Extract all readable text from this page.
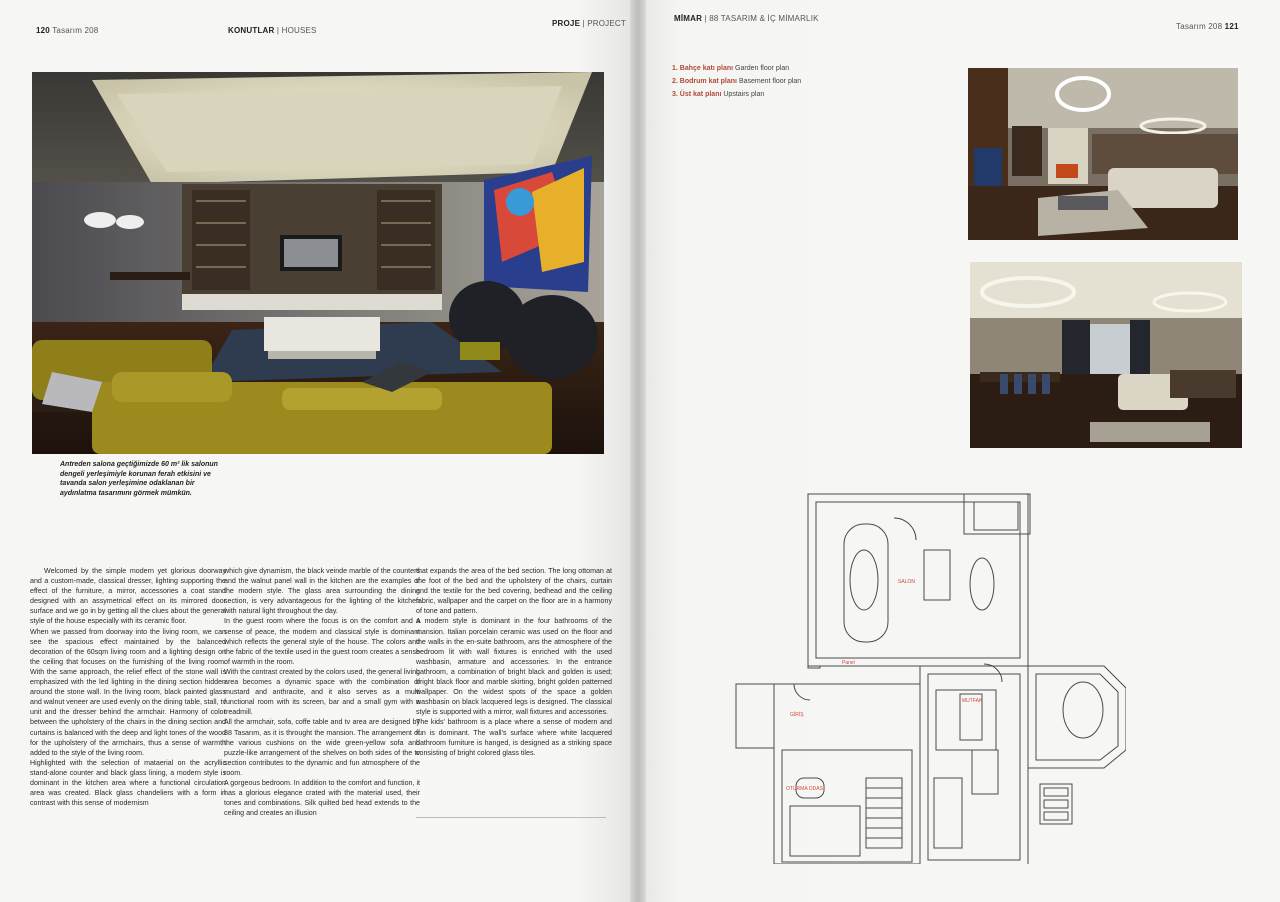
120 Tasarım 208	KONUTLAR | HOUSES
PROJE | PROJECT
MİMAR | 88 TASARIM & İÇ MİMARLIK
Tasarım 208 121
Antreden salona geçtiğimizde 60 m² lik salonun dengeli yerleşimiyle korunan ferah etkisini ve tavanda salon yerleşimine odaklanan bir aydınlatma tasarımını görmek mümkün.

Welcomed by the simple modern yet glorious doorway and a custom-made, classical dresser, lighting supporting the effect of the furniture, a mirror, accessories a coat stand designed with an assymetrical effect on its mirrored door surface and we go in by getting all the clues about the general style of the house especially with its ceramic floor.

When we passed from doorway into the living room, we can see the spacious effect maintained by the balanced decoration of the 60sqm living room and a lighting design on the ceiling that focuses on the furnishing of the living room. With the same approach, the relief effect of the stone wall is emphasized with the led lighting in the dining section hidden around the stone wall. In the living room, black painted glass and walnut veneer are used evenly on the dining table, stall, tv unit and the dresser behind the armchair. Harmony of color between the upholstery of the chairs in the dining section and curtains is balanced with the deep and light tones of the wood for the upholstery of the armchairs, thus a sense of warmth added to the style of the living room.

Highlighted with the selection of mataerial on the acryllic stand-alone counter and black glass lining, a modern style is dominant in the kitchen area where a functional circulation area was created. Black glass chandeliers with a form in contrast with this sense of modernism

which give dynamism, the black veinde marble of the counters and the walnut panel wall in the kitchen are the examples of the modern style. The glass area surrounding the dining section, is very advantageous for the lighting of the kitchen with natural light throughout the day.

In the guest room where the focus is on the comfort and a sense of peace, the modern and classical style is dominant which reflects the general style of the house. The colors and the fabric of the textile used in the guest room creates a sense of warmth in the room.

With the contrast created by the colors used, the general living area becomes a dynamic space with the combination of mustard and anthracite, and it also serves as a multi functional room with its screen, bar and a small gym with a treadmill.

All the armchair, sofa, coffe table and tv area are designed by 88 Tasarım, as it is throught the mansion. The arrangement of the various cushions on the wide green-yellow sofa and puzzle-like arrangement of the shelves on both sides of the tv section contributes to the dynamic and fun atmosphere of the room.

A gorgeous bedroom. In addition to the comfort and function, it has a glorious elegance crated with the material used, their tones and combinations. Silk quilted bed head extends to the ceiling and creates an illusion

that expands the area of the bed section. The long ottoman at the foot of the bed and the upholstery of the chairs, curtain and the textile for the bed covering, bedhead and the ceiling fabric, wallpaper and the carpet on the floor are in a harmony of tone and pattern.

A modern style is dominant in the four bathrooms of the mansion. Italian porcelain ceramic was used on the floor and the walls in the en-suite bathroom, ans the atmosphere of the bedroom lit with wall fixtures is enriched with the used washbasin, armature and accessories. In the entrance bathroom, a combination of bright black and golden is used; bright black floor and marble skirting, bright golden patterned wallpaper. On the widest spots of the space a golden washbasin on black lacquered legs is designed. The classical style is supported with a mirror, wall fixtures and accessories.

The kids' bathroom is a place where a sense of modern and fun is dominant. The wall's surface where white lacquered bathroom furniture is hanged, is designed as a striking space consisting of bright colored glass tiles.

1. Bahçe katı planı Garden floor plan
2. Bodrum kat planı Basement floor plan
3. Üst kat planı Upstairs plan
Panel
SALON
MUTFAK
GİRİŞ
OTURMA ODASI
